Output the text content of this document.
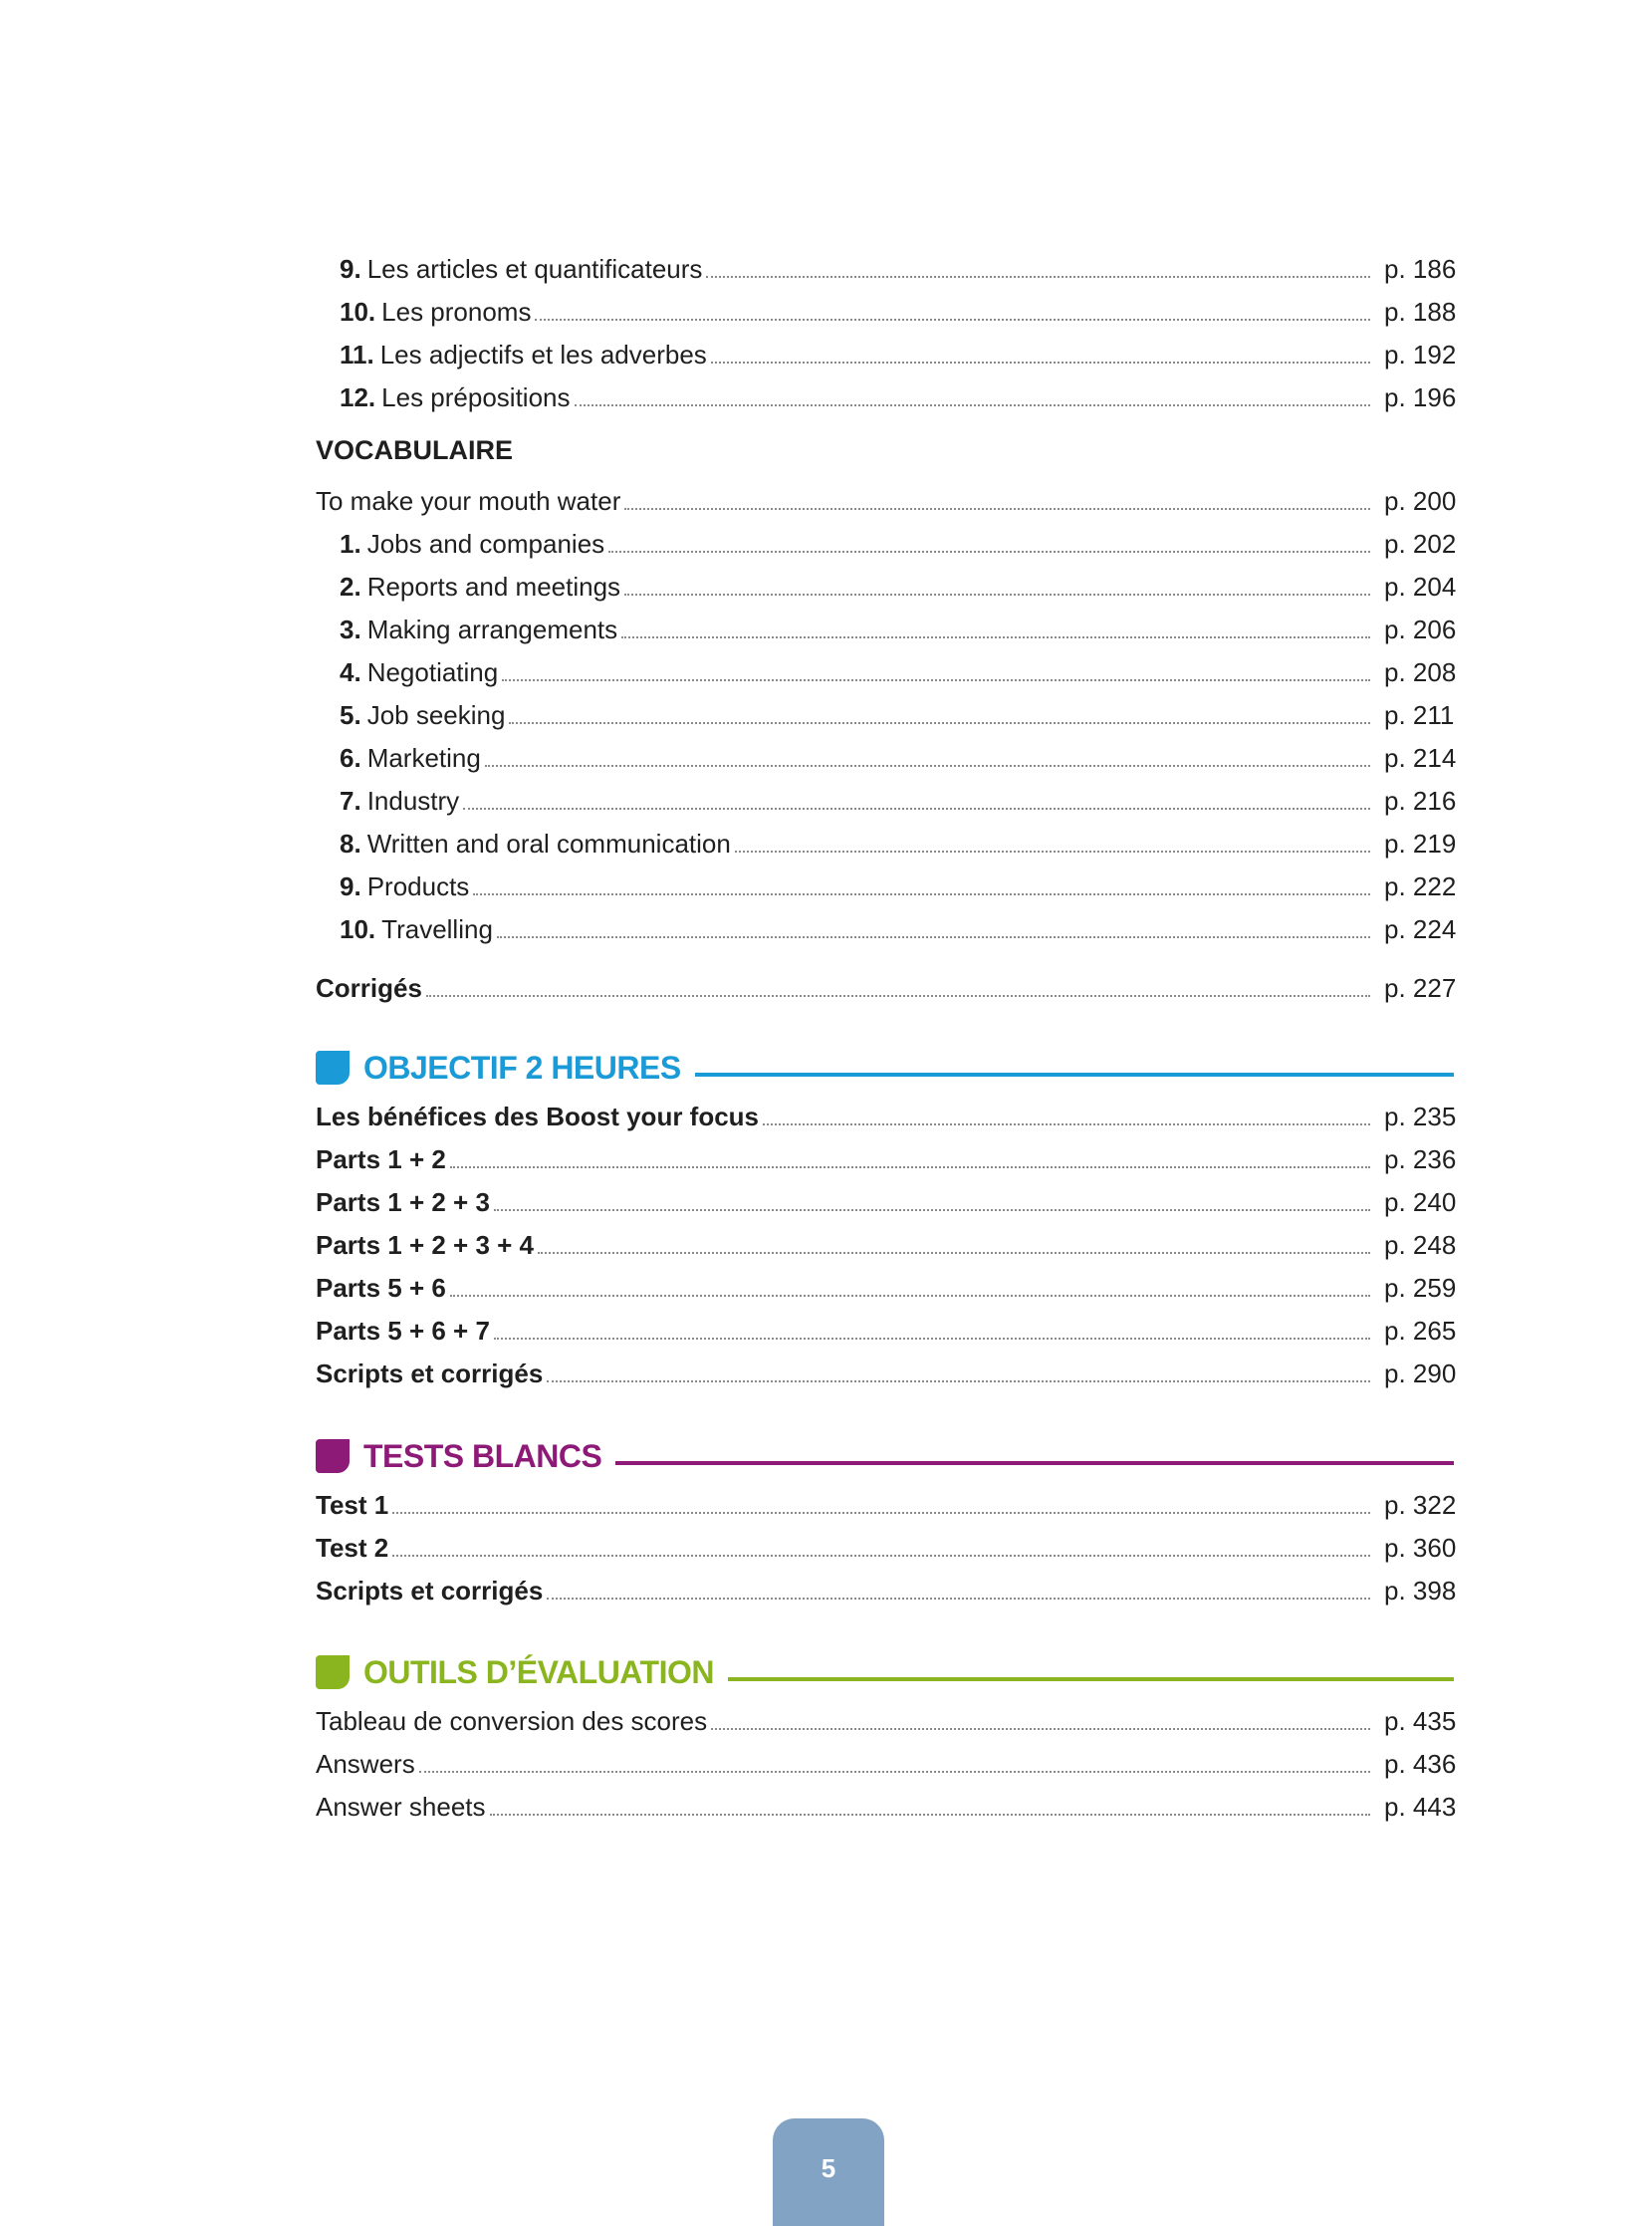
9. Les articles et quantificateurs	p. 186
10. Les pronoms	p. 188
11. Les adjectifs et les adverbes	p. 192
12. Les prépositions	p. 196
VOCABULAIRE
To make your mouth water	p. 200
1. Jobs and companies	p. 202
2. Reports and meetings	p. 204
3. Making arrangements	p. 206
4. Negotiating	p. 208
5. Job seeking	p. 211
6. Marketing	p. 214
7. Industry	p. 216
8. Written and oral communication	p. 219
9. Products	p. 222
10. Travelling	p. 224
Corrigés	p. 227
OBJECTIF 2 HEURES
Les bénéfices des Boost your focus	p. 235
Parts 1 + 2	p. 236
Parts 1 + 2 + 3	p. 240
Parts 1 + 2 + 3 + 4	p. 248
Parts 5 + 6	p. 259
Parts 5 + 6 + 7	p. 265
Scripts et corrigés	p. 290
TESTS BLANCS
Test 1	p. 322
Test 2	p. 360
Scripts et corrigés	p. 398
OUTILS D’ÉVALUATION
Tableau de conversion des scores	p. 435
Answers	p. 436
Answer sheets	p. 443
5
